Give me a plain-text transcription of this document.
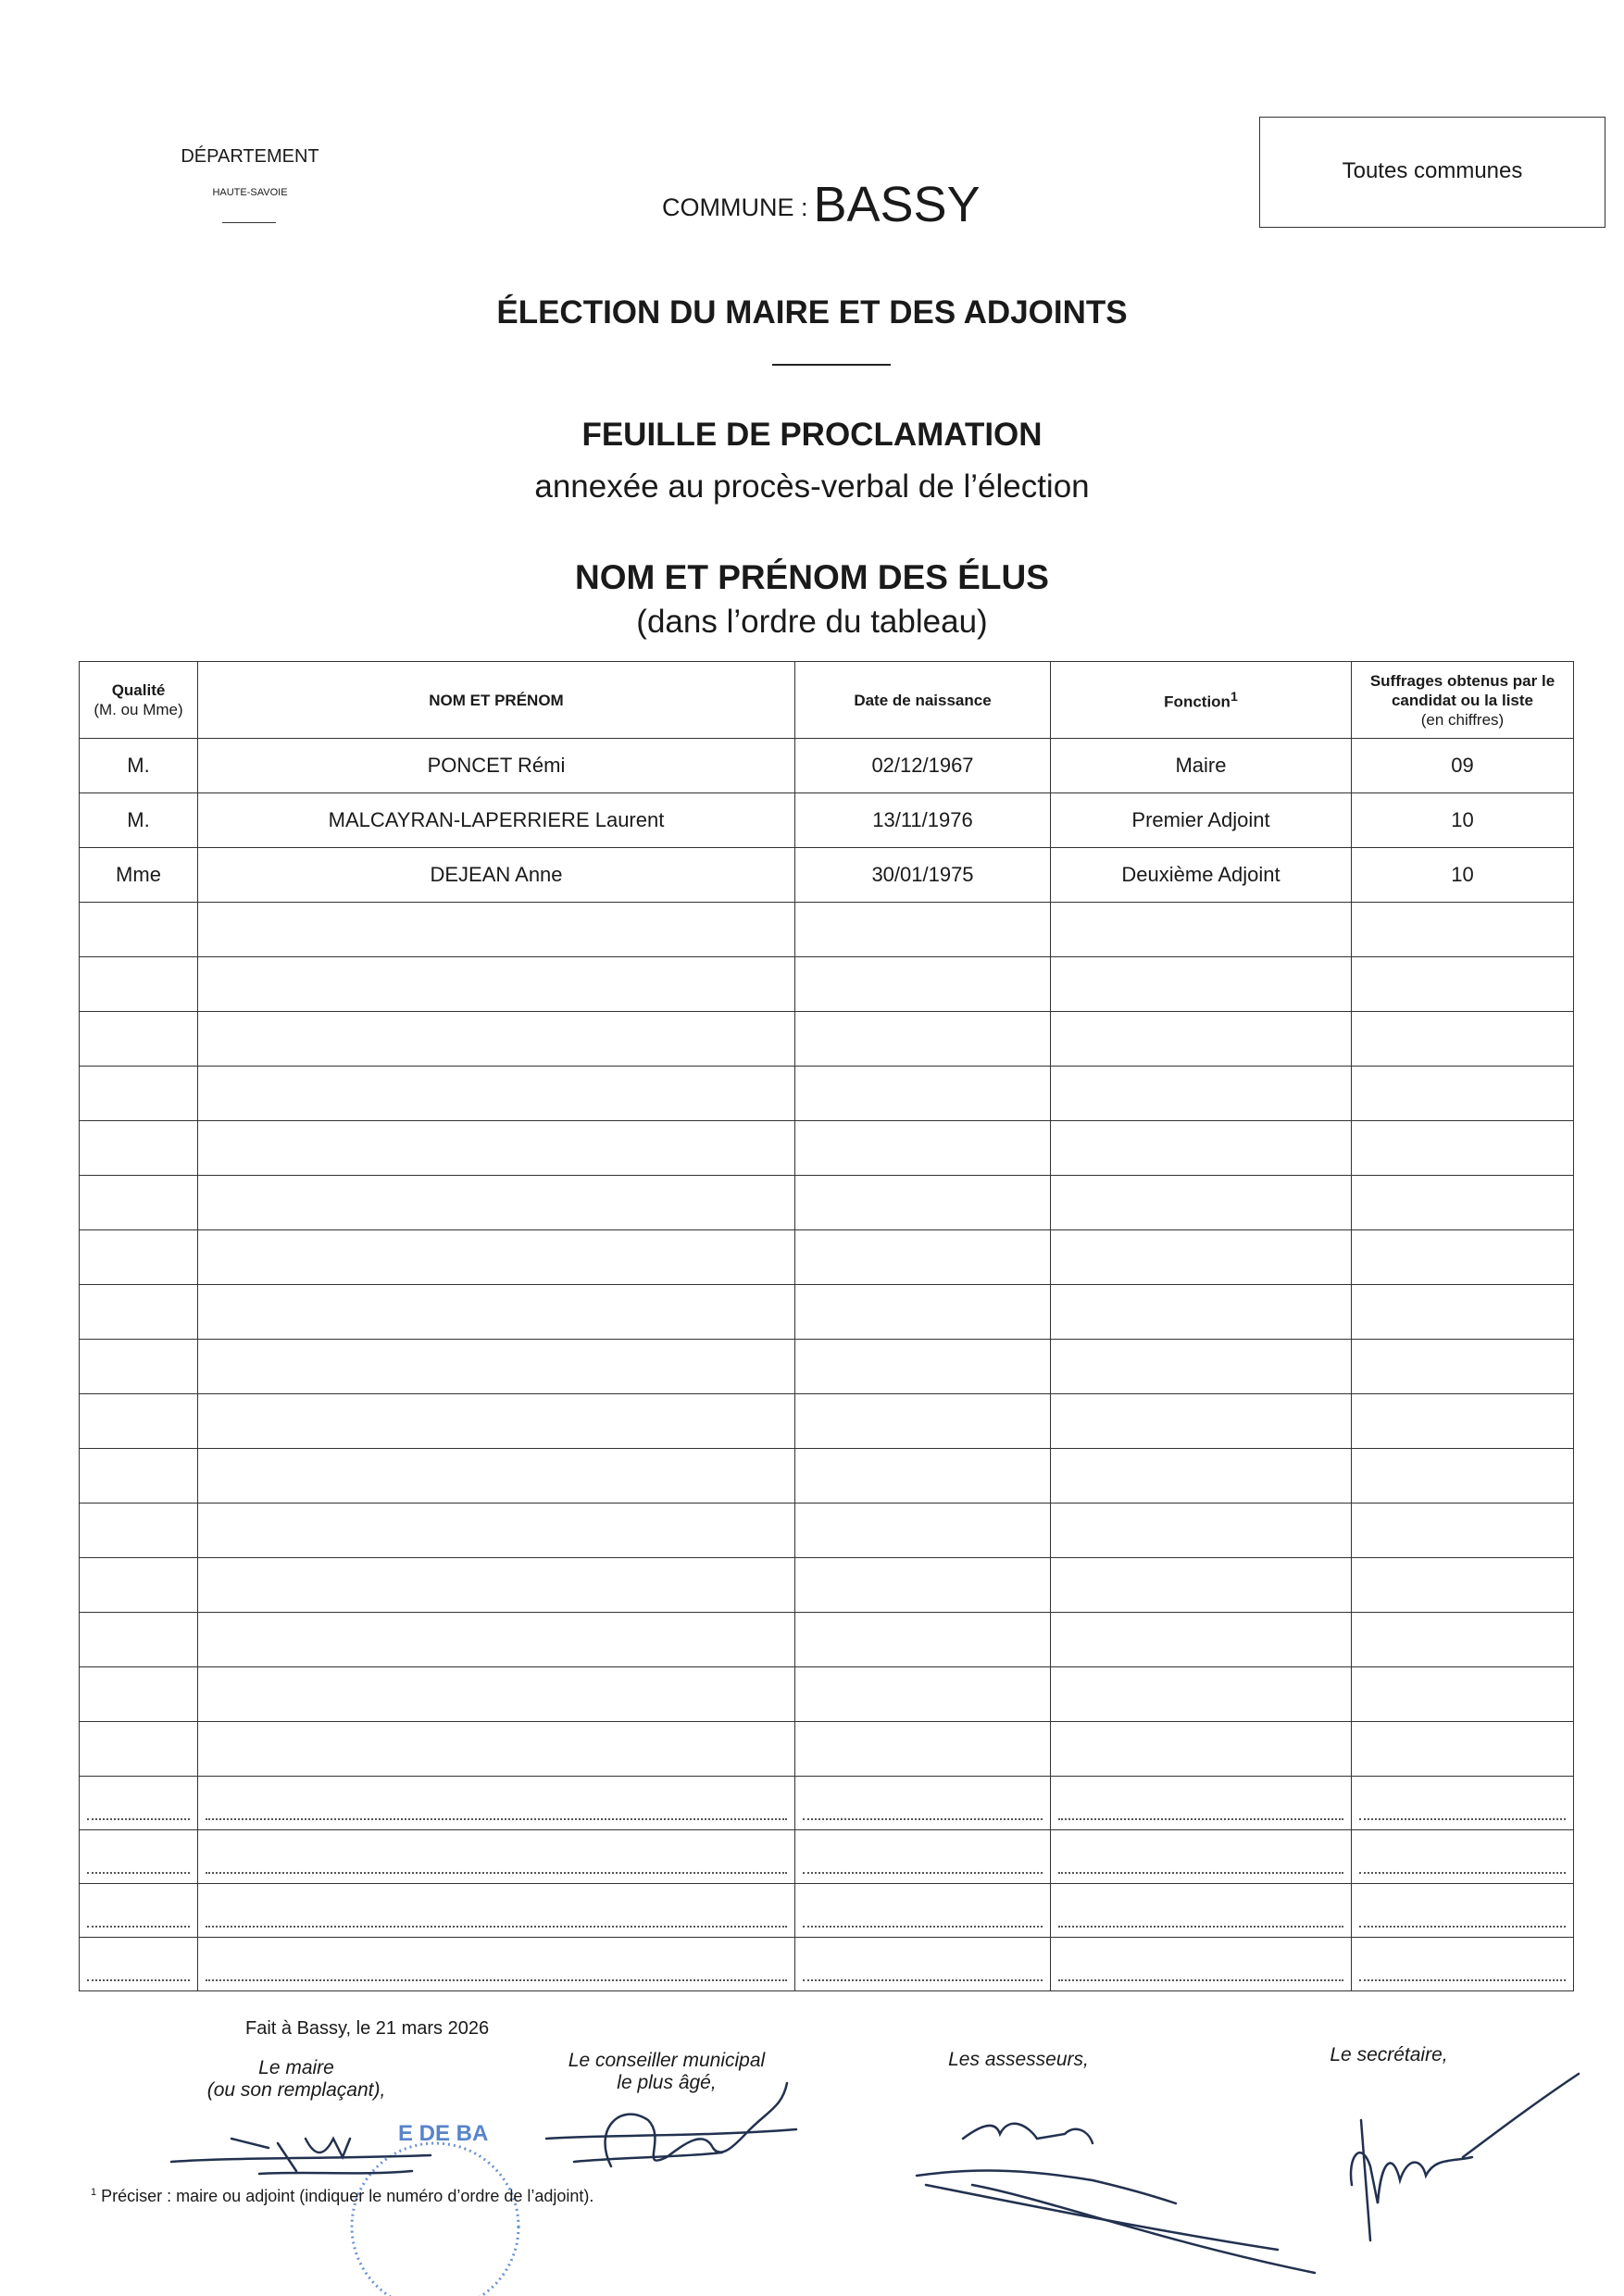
DÉPARTEMENT
HAUTE-SAVOIE
COMMUNE : BASSY
Toutes communes
ÉLECTION DU MAIRE ET DES ADJOINTS
FEUILLE DE PROCLAMATION
annexée au procès-verbal de l’élection
NOM ET PRÉNOM DES ÉLUS
(dans l’ordre du tableau)
Qualité
(M. ou Mme)	NOM ET PRÉNOM	Date de naissance	Fonction$^1$	Suffrages obtenus par le candidat ou la liste
(en chiffres)
M.	PONCET Rémi	02/12/1967	Maire	09
M.	MALCAYRAN-LAPERRIERE Laurent	13/11/1976	Premier Adjoint	10
Mme	DEJEAN Anne	30/01/1975	Deuxième Adjoint	10

Fait à Bassy, le 21 mars 2026
Le maire
(ou son remplaçant),
Le conseiller municipal
le plus âgé,
Les assesseurs,	Le secrétaire,
E DE BA
$^1$ Préciser : maire ou adjoint (indiquer le numéro d’ordre de l’adjoint).
